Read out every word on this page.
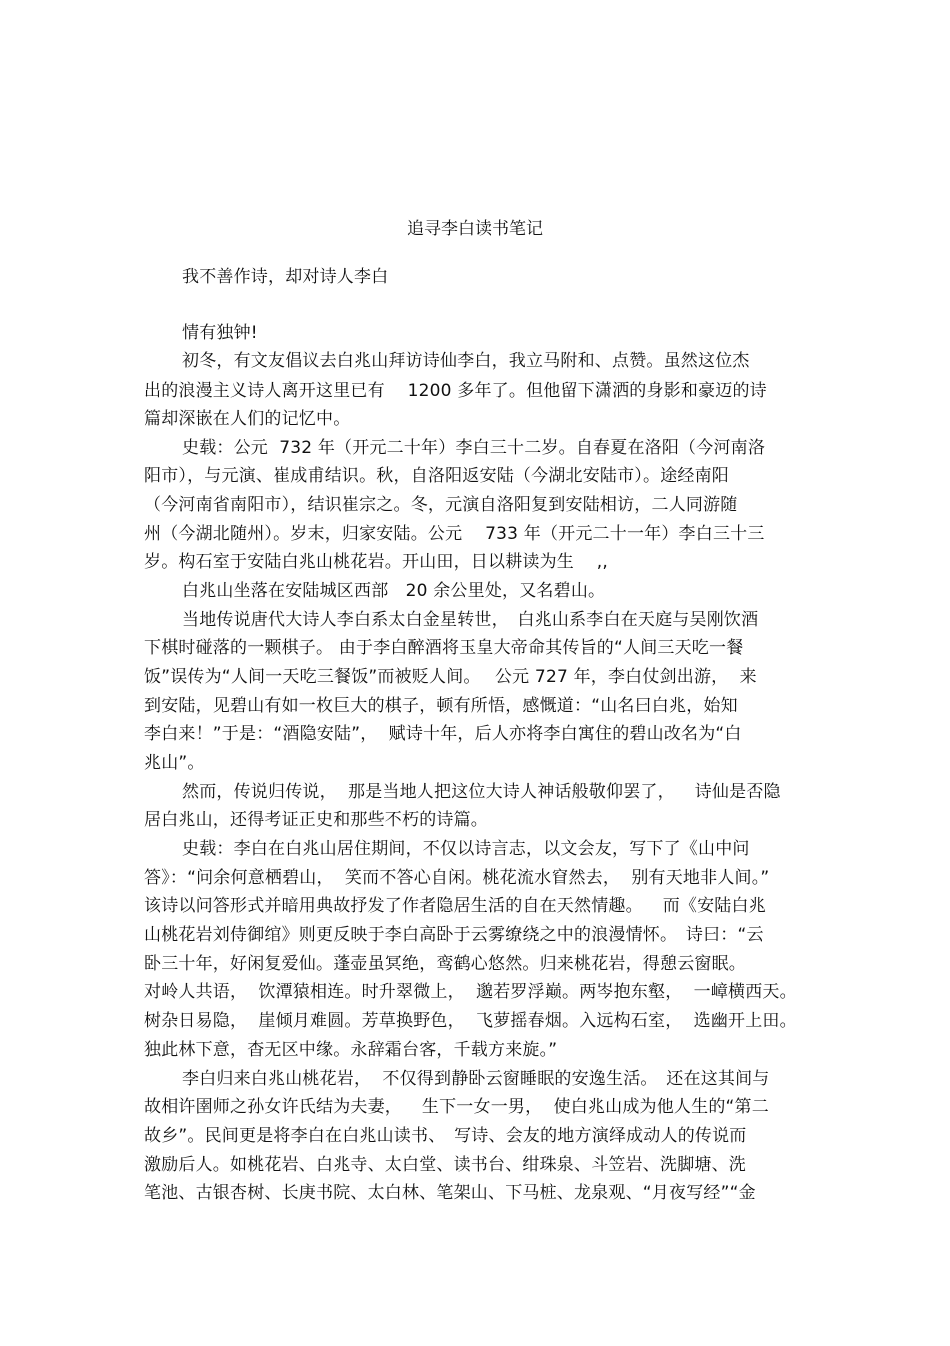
追寻李白读书笔记
我不善作诗，却对诗人李白
情有独钟!
初冬，有文友倡议去白兆山拜访诗仙李白，我立马附和、点赞。虽然这位杰
出的浪漫主义诗人离开这里已有　 1200 多年了。但他留下潇洒的身影和豪迈的诗
篇却深嵌在人们的记忆中。
史载：公元  732 年（开元二十年）李白三十二岁。自春夏在洛阳（今河南洛
阳市），与元演、崔成甫结识。秋，自洛阳返安陆（今湖北安陆市）。途经南阳
（今河南省南阳市），结识崔宗之。冬，元演自洛阳复到安陆相访，二人同游随
州（今湖北随州）。岁末，归家安陆。公元　 733 年（开元二十一年）李白三十三
岁。构石室于安陆白兆山桃花岩。开山田，日以耕读为生　 ,,
白兆山坐落在安陆城区西部　20 余公里处，又名碧山。
当地传说唐代大诗人李白系太白金星转世，　白兆山系李白在天庭与吴刚饮酒
下棋时碰落的一颗棋子。 由于李白醉酒将玉皇大帝命其传旨的“人间三天吃一餐
饭”误传为“人间一天吃三餐饭”而被贬人间。　 公元 727 年，李白仗剑出游，  来
到安陆，见碧山有如一枚巨大的棋子，顿有所悟，感慨道：“山名曰白兆，始知
李白来！”于是：“酒隐安陆”，  赋诗十年，后人亦将李白寓住的碧山改名为“白
兆山”。
然而，传说归传说，  那是当地人把这位大诗人神话般敬仰罢了，　  诗仙是否隐
居白兆山，还得考证正史和那些不朽的诗篇。
史载：李白在白兆山居住期间，不仅以诗言志，以文会友，写下了《山中问
答》：“问余何意栖碧山，  笑而不答心自闲。桃花流水窅然去，  别有天地非人间。”
该诗以问答形式并暗用典故抒发了作者隐居生活的自在天然情趣。　  而《安陆白兆
山桃花岩刘侍御绾》则更反映于李白高卧于云雾缭绕之中的浪漫情怀。　诗曰：“云
卧三十年，好闲复爱仙。蓬壶虽冥绝，鸾鹤心悠然。归来桃花岩，得憩云窗眠。
对岭人共语，  饮潭猿相连。时升翠微上，  邈若罗浮巅。两岑抱东壑，  一嶂横西天。
树杂日易隐，  崖倾月难圆。芳草换野色，  飞萝摇春烟。入远构石室，  选幽开上田。
独此林下意，杳无区中缘。永辞霜台客，千载方来旋。”
李白归来白兆山桃花岩，  不仅得到静卧云窗睡眠的安逸生活。　还在这其间与
故相许圉师之孙女许氏结为夫妻，　  生下一女一男，  使白兆山成为他人生的“第二
故乡”。民间更是将李白在白兆山读书、　写诗、会友的地方演绎成动人的传说而
激励后人。如桃花岩、白兆寺、太白堂、读书台、绀珠泉、斗笠岩、洗脚塘、洗
笔池、古银杏树、长庚书院、太白林、笔架山、下马桩、龙泉观、“月夜写经”“金
